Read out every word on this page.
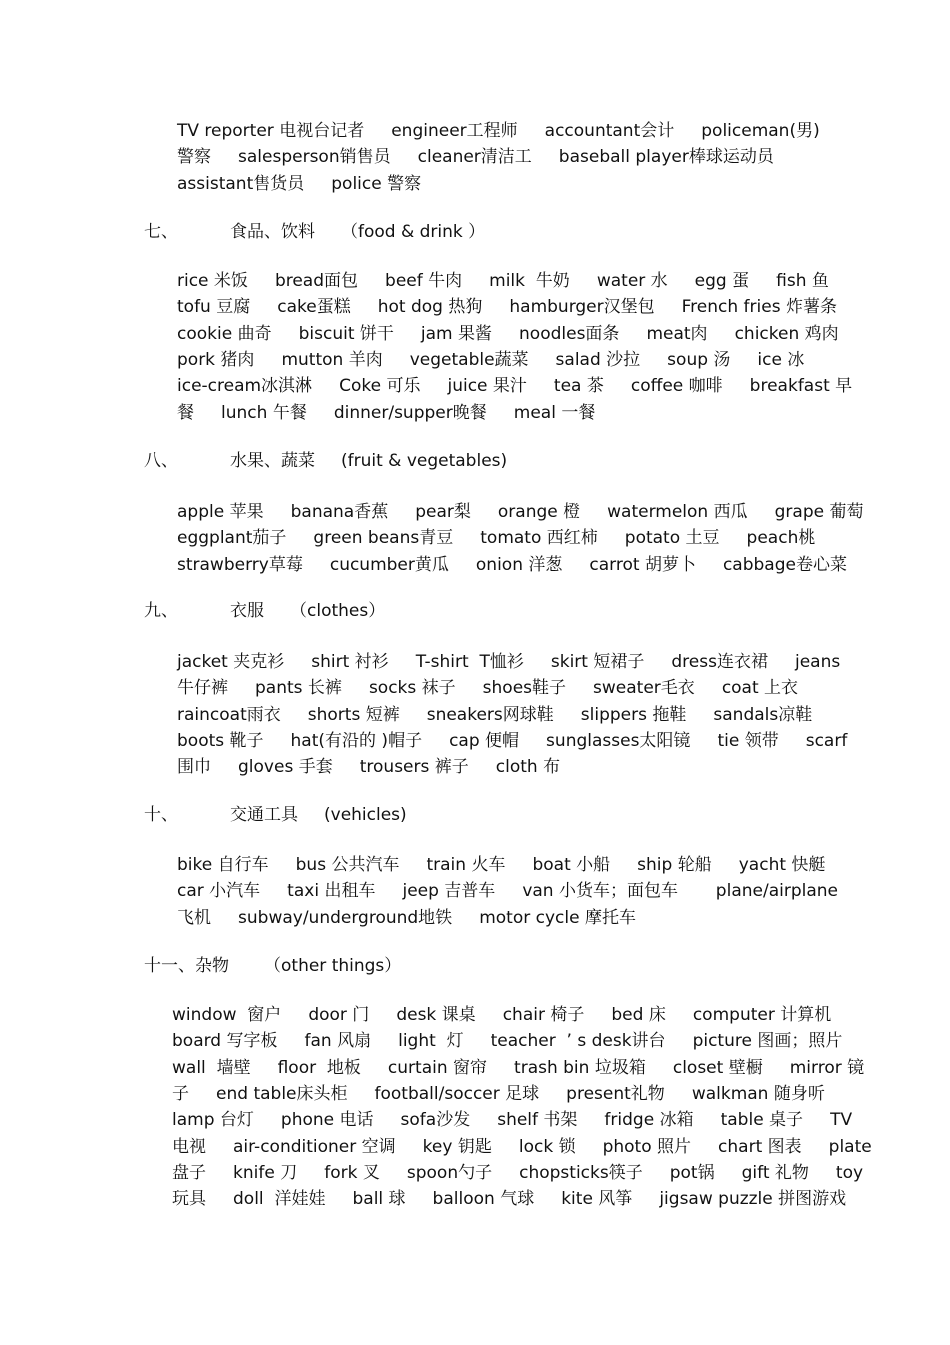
TV reporter 电视台记者     engineer工程师     accountant会计     policeman(男)
警察     salesperson销售员     cleaner清洁工     baseball player棒球运动员
assistant售货员     police 警察
七、	食品、饮料 （food & drink ）
rice 米饭     bread面包     beef 牛肉     milk  牛奶     water 水     egg 蛋     fish 鱼
tofu 豆腐     cake蛋糕     hot dog 热狗     hamburger汉堡包     French fries 炸薯条
cookie 曲奇     biscuit 饼干     jam 果酱     noodles面条     meat肉     chicken 鸡肉
pork 猪肉     mutton 羊肉     vegetable蔬菜     salad 沙拉     soup 汤     ice 冰
ice-cream冰淇淋     Coke 可乐     juice 果汁     tea 茶     coffee 咖啡     breakfast 早
餐     lunch 午餐     dinner/supper晚餐     meal 一餐
八、	水果、蔬菜 (fruit & vegetables)
apple 苹果     banana香蕉     pear梨     orange 橙     watermelon 西瓜     grape 葡萄
eggplant茄子     green beans青豆     tomato 西红柿     potato 土豆     peach桃
strawberry草莓     cucumber黄瓜     onion 洋葱     carrot 胡萝卜     cabbage卷心菜
九、	衣服 （clothes）
jacket 夹克衫     shirt 衬衫     T-shirt  T恤衫     skirt 短裙子     dress连衣裙     jeans
牛仔裤     pants 长裤     socks 袜子     shoes鞋子     sweater毛衣     coat 上衣
raincoat雨衣     shorts 短裤     sneakers网球鞋     slippers 拖鞋     sandals凉鞋
boots 靴子     hat(有沿的 )帽子     cap 便帽     sunglasses太阳镜     tie 领带     scarf
围巾     gloves 手套     trousers 裤子     cloth 布
十、	交通工具 (vehicles)
bike 自行车     bus 公共汽车     train 火车     boat 小船     ship 轮船     yacht 快艇
car 小汽车     taxi 出租车     jeep 吉普车     van 小货车；面包车       plane/airplane
飞机     subway/underground地铁     motor cycle 摩托车
十一、杂物 （other things）
window  窗户     door 门     desk 课桌     chair 椅子     bed 床     computer 计算机
board 写字板     fan 风扇     light  灯     teacher  ’ s desk讲台     picture 图画；照片
wall  墙壁     floor  地板     curtain 窗帘     trash bin 垃圾箱     closet 壁橱     mirror 镜
子     end table床头柜     football/soccer 足球     present礼物     walkman 随身听
lamp 台灯     phone 电话     sofa沙发     shelf 书架     fridge 冰箱     table 桌子     TV
电视     air-conditioner 空调     key 钥匙     lock 锁     photo 照片     chart 图表     plate
盘子     knife 刀     fork 叉     spoon勺子     chopsticks筷子     pot锅     gift 礼物     toy
玩具     doll  洋娃娃     ball 球     balloon 气球     kite 风筝     jigsaw puzzle 拼图游戏
